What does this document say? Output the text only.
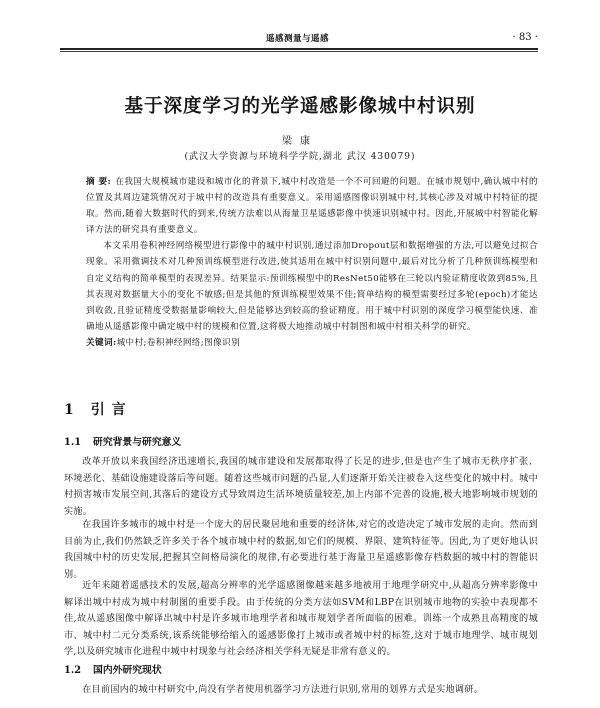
遥感测量与遥感	· 83 ·
基于深度学习的光学遥感影像城中村识别
梁康
(武汉大学资源与环境科学学院,湖北 武汉 430079)

摘 要: 在我国大规模城市建设和城市化的背景下,城中村改造是一个不可回避的问题。在城市规划中,确认城中村的位置及其周边建筑情况对于城中村的改造具有重要意义。采用遥感图像识别城中村,其核心涉及对城中村特征的提取。然而,随着大数据时代的到来,传统方法难以从海量卫星遥感影像中快速识别城中村。因此,开展城中村智能化解译方法的研究具有重要意义。

本文采用卷积神经网络模型进行影像中的城中村识别,通过添加Dropout层和数据增强的方法,可以避免过拟合现象。采用微调技术对几种预训练模型进行改进,使其适用在城中村识别问题中,最后对比分析了几种预训练模型和自定义结构的简单模型的表现差异。结果显示:预训练模型中的ResNet50能够在三轮以内验证精度收敛到85%,且其表现对数据量大小的变化不敏感;但是其他的预训练模型效果不佳;简单结构的模型需要经过多轮(epoch)才能达到收敛,且验证精度受数据量影响较大,但是能够达到较高的验证精度。用于城中村识别的深度学习模型能快速、准确地从遥感影像中确定城中村的规模和位置,这将极大地推动城中村制图和城中村相关科学的研究。

关键词:城中村;卷积神经网络;图像识别

1 引 言
1.1 研究背景与研究意义

改革开放以来我国经济迅速增长,我国的城市建设和发展都取得了长足的进步,但是也产生了城市无秩序扩张、环境恶化、基础设施建设落后等问题。随着这些城市问题的凸显,人们逐渐开始关注被卷入这些变化的城中村。城中村损害城市发展空间,其落后的建设方式导致周边生活环境质量较差,加上内部不完善的设施,极大地影响城市规划的实施。

在我国许多城市的城中村是一个庞大的居民聚居地和重要的经济体,对它的改造决定了城市发展的走向。然而到目前为止,我们仍然缺乏许多关于各个城市城中村的数据,如它们的规模、界限、建筑特征等。因此,为了更好地认识我国城中村的历史发展,把握其空间格局演化的规律,有必要进行基于海量卫星遥感影像存档数据的城中村的智能识别。

近年来随着遥感技术的发展,超高分辨率的光学遥感图像越来越多地被用于地理学研究中,从超高分辨率影像中解译出城中村成为城中村制图的重要手段。由于传统的分类方法如SVM和LBP在识别城市地物的实验中表现都不佳,故从遥感图像中解译出城中村是许多城市地理学者和城市规划学者所面临的困难。训练一个成熟且高精度的城市、城中村二元分类系统,该系统能够给缩入的遥感影像打上城市或者城中村的标签,这对于城市地理学、城市规划学,以及研究城市化进程中城中村现象与社会经济相关学科无疑是非常有意义的。

1.2 国内外研究现状

在目前国内的城中村研究中,尚没有学者使用机器学习方法进行识别,常用的划界方式是实地调研。
